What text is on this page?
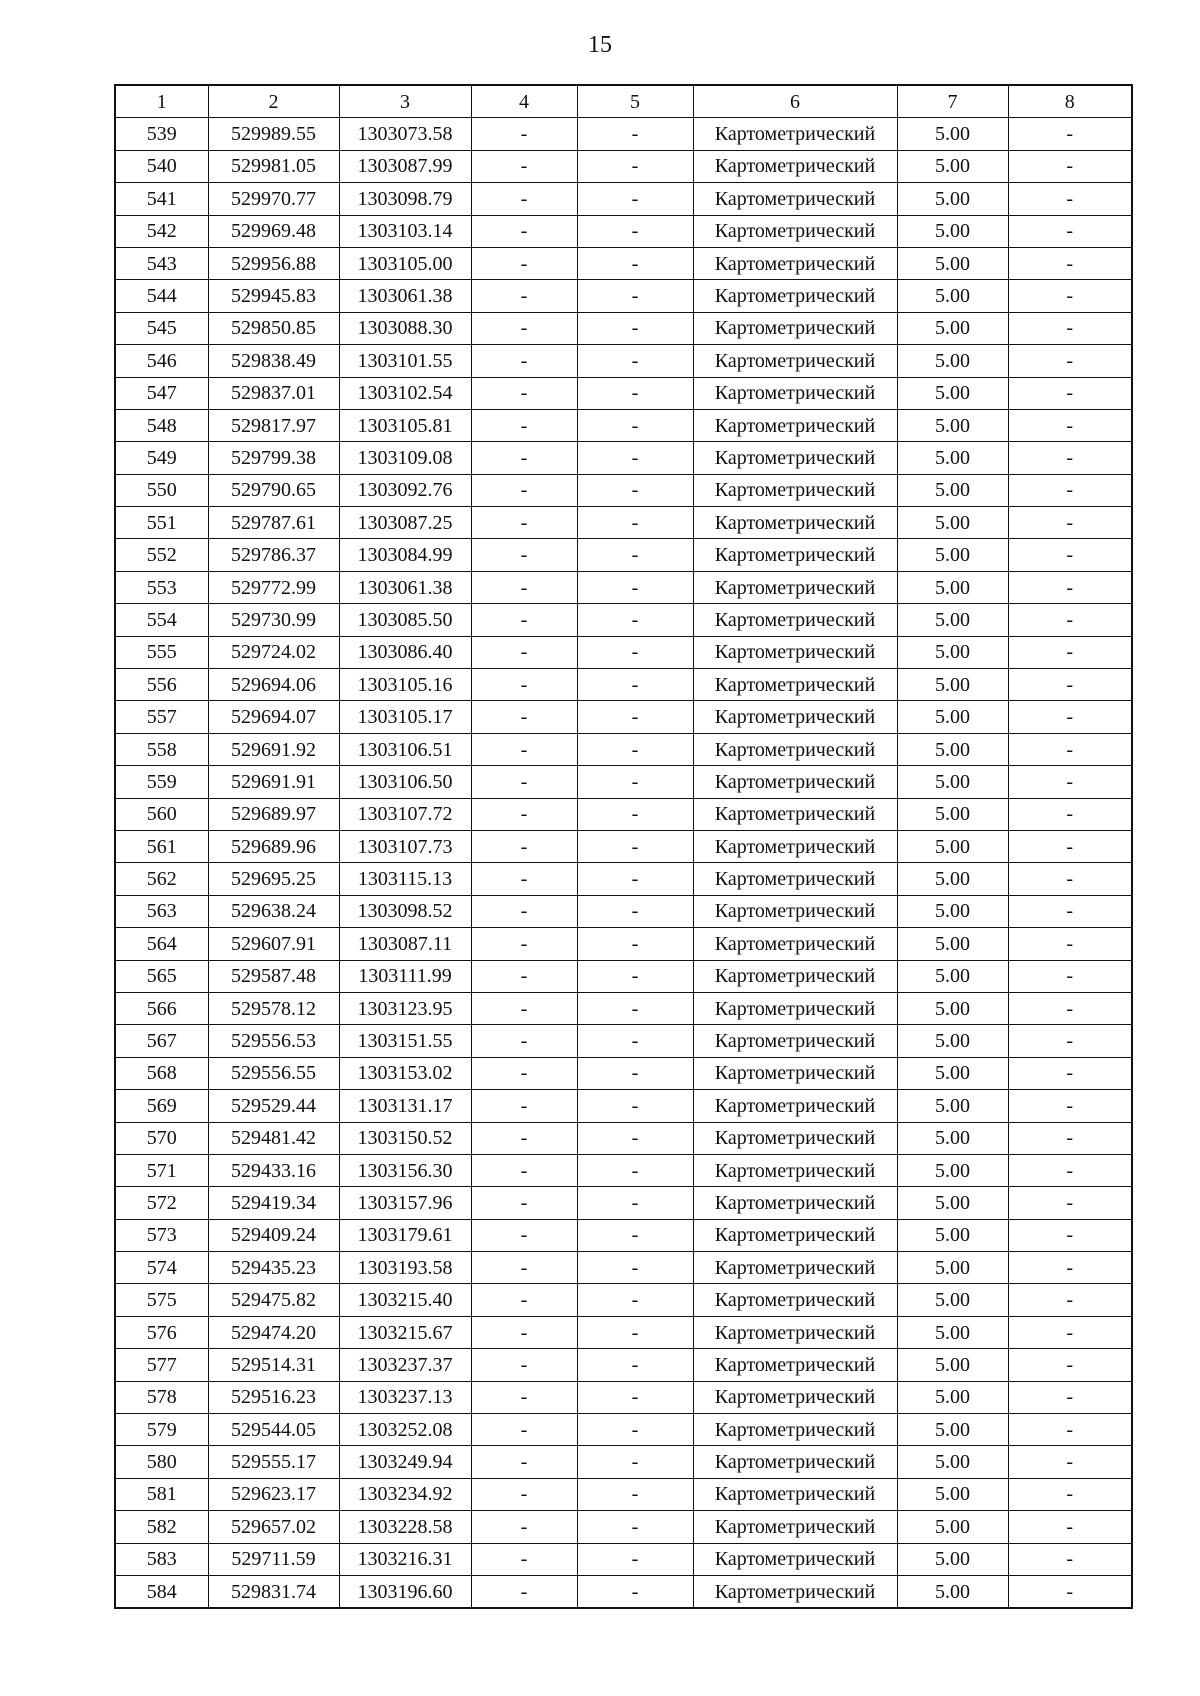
15
1	2	3	4	5	6	7	8
539	529989.55	1303073.58	-	-	Картометрический	5.00	-
540	529981.05	1303087.99	-	-	Картометрический	5.00	-
541	529970.77	1303098.79	-	-	Картометрический	5.00	-
542	529969.48	1303103.14	-	-	Картометрический	5.00	-
543	529956.88	1303105.00	-	-	Картометрический	5.00	-
544	529945.83	1303061.38	-	-	Картометрический	5.00	-
545	529850.85	1303088.30	-	-	Картометрический	5.00	-
546	529838.49	1303101.55	-	-	Картометрический	5.00	-
547	529837.01	1303102.54	-	-	Картометрический	5.00	-
548	529817.97	1303105.81	-	-	Картометрический	5.00	-
549	529799.38	1303109.08	-	-	Картометрический	5.00	-
550	529790.65	1303092.76	-	-	Картометрический	5.00	-
551	529787.61	1303087.25	-	-	Картометрический	5.00	-
552	529786.37	1303084.99	-	-	Картометрический	5.00	-
553	529772.99	1303061.38	-	-	Картометрический	5.00	-
554	529730.99	1303085.50	-	-	Картометрический	5.00	-
555	529724.02	1303086.40	-	-	Картометрический	5.00	-
556	529694.06	1303105.16	-	-	Картометрический	5.00	-
557	529694.07	1303105.17	-	-	Картометрический	5.00	-
558	529691.92	1303106.51	-	-	Картометрический	5.00	-
559	529691.91	1303106.50	-	-	Картометрический	5.00	-
560	529689.97	1303107.72	-	-	Картометрический	5.00	-
561	529689.96	1303107.73	-	-	Картометрический	5.00	-
562	529695.25	1303115.13	-	-	Картометрический	5.00	-
563	529638.24	1303098.52	-	-	Картометрический	5.00	-
564	529607.91	1303087.11	-	-	Картометрический	5.00	-
565	529587.48	1303111.99	-	-	Картометрический	5.00	-
566	529578.12	1303123.95	-	-	Картометрический	5.00	-
567	529556.53	1303151.55	-	-	Картометрический	5.00	-
568	529556.55	1303153.02	-	-	Картометрический	5.00	-
569	529529.44	1303131.17	-	-	Картометрический	5.00	-
570	529481.42	1303150.52	-	-	Картометрический	5.00	-
571	529433.16	1303156.30	-	-	Картометрический	5.00	-
572	529419.34	1303157.96	-	-	Картометрический	5.00	-
573	529409.24	1303179.61	-	-	Картометрический	5.00	-
574	529435.23	1303193.58	-	-	Картометрический	5.00	-
575	529475.82	1303215.40	-	-	Картометрический	5.00	-
576	529474.20	1303215.67	-	-	Картометрический	5.00	-
577	529514.31	1303237.37	-	-	Картометрический	5.00	-
578	529516.23	1303237.13	-	-	Картометрический	5.00	-
579	529544.05	1303252.08	-	-	Картометрический	5.00	-
580	529555.17	1303249.94	-	-	Картометрический	5.00	-
581	529623.17	1303234.92	-	-	Картометрический	5.00	-
582	529657.02	1303228.58	-	-	Картометрический	5.00	-
583	529711.59	1303216.31	-	-	Картометрический	5.00	-
584	529831.74	1303196.60	-	-	Картометрический	5.00	-
